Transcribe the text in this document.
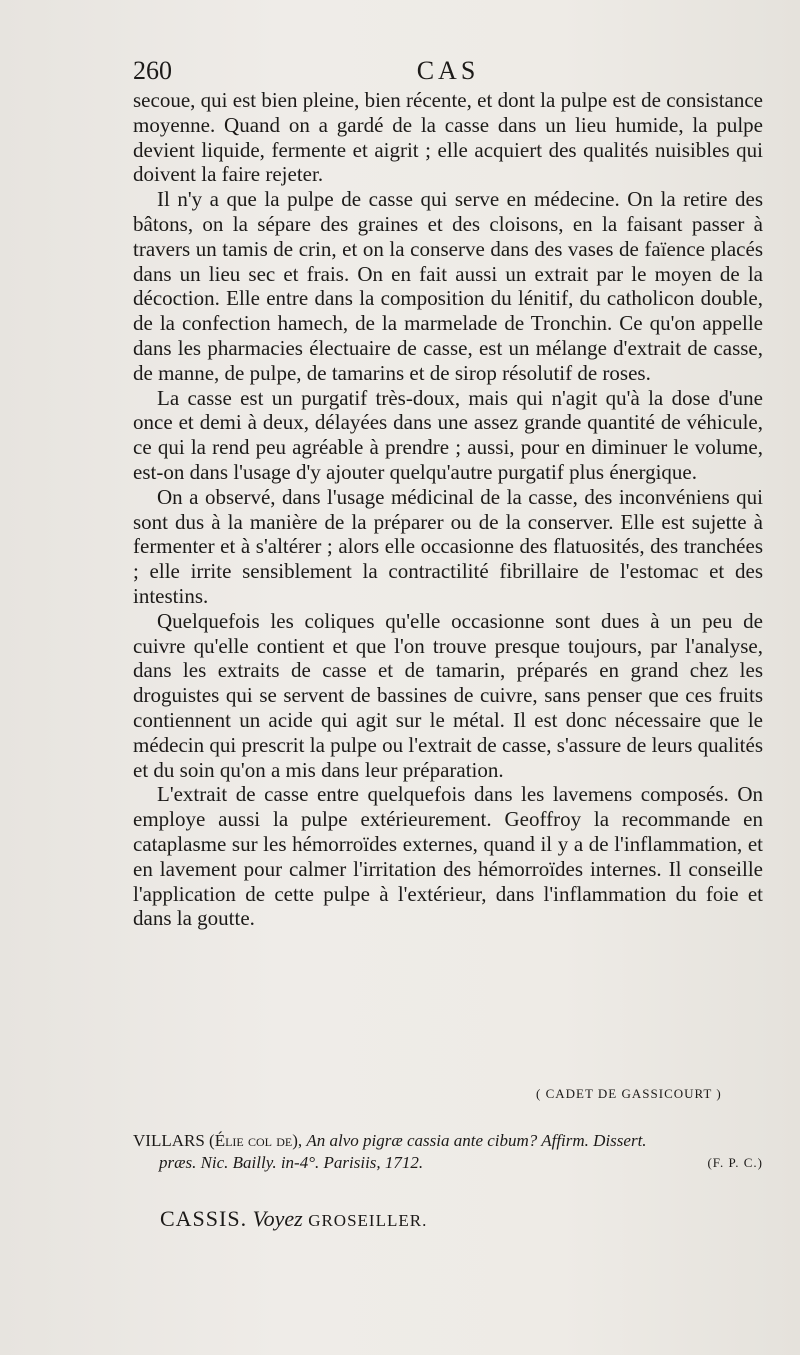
260	CAS

secoue, qui est bien pleine, bien récente, et dont la pulpe est de consistance moyenne. Quand on a gardé de la casse dans un lieu humide, la pulpe devient liquide, fermente et aigrit ; elle acquiert des qualités nuisibles qui doivent la faire rejeter.

Il n'y a que la pulpe de casse qui serve en médecine. On la retire des bâtons, on la sépare des graines et des cloisons, en la faisant passer à travers un tamis de crin, et on la conserve dans des vases de faïence placés dans un lieu sec et frais. On en fait aussi un extrait par le moyen de la décoction. Elle entre dans la composition du lénitif, du catholicon double, de la confection hamech, de la marmelade de Tronchin. Ce qu'on appelle dans les pharmacies électuaire de casse, est un mélange d'extrait de casse, de manne, de pulpe, de tamarins et de sirop résolutif de roses.

La casse est un purgatif très-doux, mais qui n'agit qu'à la dose d'une once et demi à deux, délayées dans une assez grande quantité de véhicule, ce qui la rend peu agréable à prendre ; aussi, pour en diminuer le volume, est-on dans l'usage d'y ajouter quelqu'autre purgatif plus énergique.

On a observé, dans l'usage médicinal de la casse, des inconvéniens qui sont dus à la manière de la préparer ou de la conserver. Elle est sujette à fermenter et à s'altérer ; alors elle occasionne des flatuosités, des tranchées ; elle irrite sensiblement la contractilité fibrillaire de l'estomac et des intestins.

Quelquefois les coliques qu'elle occasionne sont dues à un peu de cuivre qu'elle contient et que l'on trouve presque toujours, par l'analyse, dans les extraits de casse et de tamarin, préparés en grand chez les droguistes qui se servent de bassines de cuivre, sans penser que ces fruits contiennent un acide qui agit sur le métal. Il est donc nécessaire que le médecin qui prescrit la pulpe ou l'extrait de casse, s'assure de leurs qualités et du soin qu'on a mis dans leur préparation.

L'extrait de casse entre quelquefois dans les lavemens composés. On employe aussi la pulpe extérieurement. Geoffroy la recommande en cataplasme sur les hémorroïdes externes, quand il y a de l'inflammation, et en lavement pour calmer l'irritation des hémorroïdes internes. Il conseille l'application de cette pulpe à l'extérieur, dans l'inflammation du foie et dans la goutte.

( CADET DE GASSICOURT )
VILLARS (Élie col de), An alvo pigræ cassia ante cibum? Affirm. Dissert.
(F. P. C.)
præs. Nic. Bailly. in-4°. Parisiis, 1712.
CASSIS. Voyez GROSEILLER.
